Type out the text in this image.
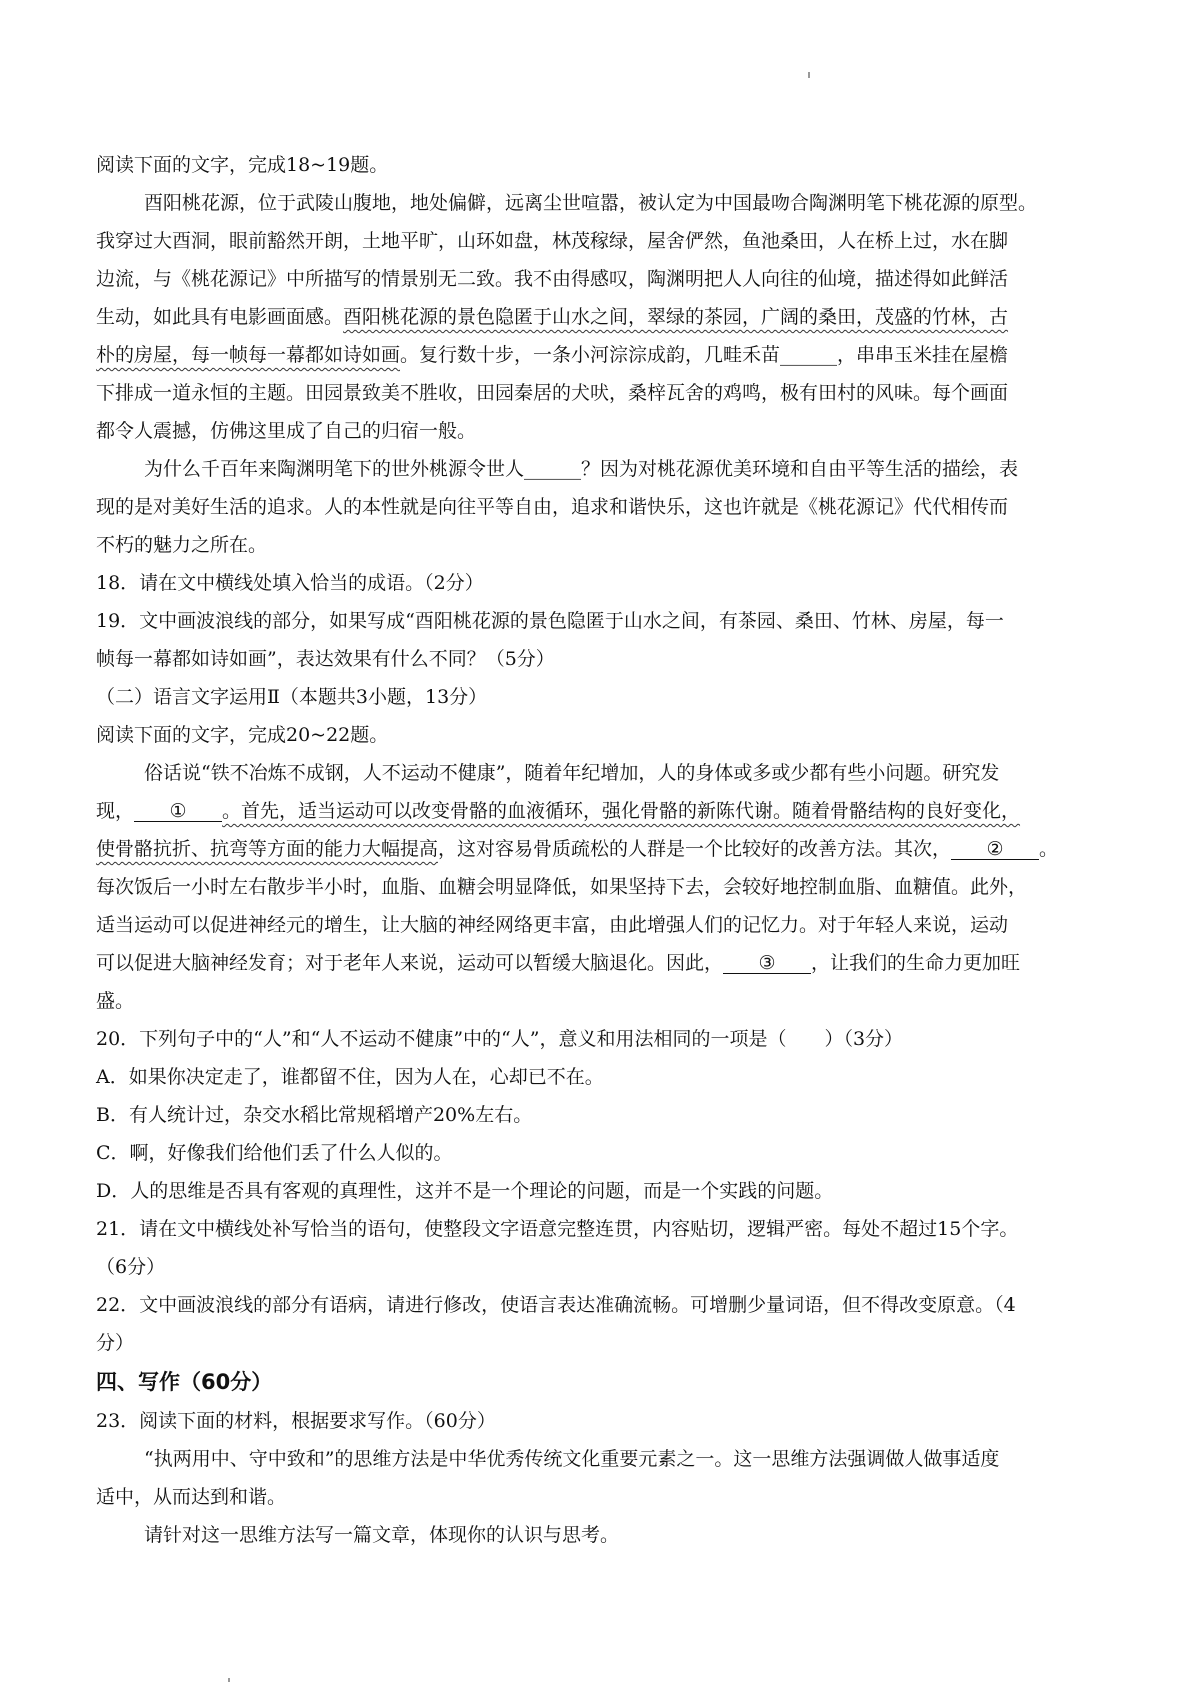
阅读下面的文字，完成18~19题。
酉阳桃花源，位于武陵山腹地，地处偏僻，远离尘世喧嚣，被认定为中国最吻合陶渊明笔下桃花源的原型。
我穿过大酉洞，眼前豁然开朗，土地平旷，山环如盘，林茂稼绿，屋舍俨然，鱼池桑田，人在桥上过，水在脚
边流，与《桃花源记》中所描写的情景别无二致。我不由得感叹，陶渊明把人人向往的仙境，描述得如此鲜活
生动，如此具有电影画面感。酉阳桃花源的景色隐匿于山水之间，翠绿的茶园，广阔的桑田，茂盛的竹林，古
朴的房屋，每一帧每一幕都如诗如画。复行数十步，一条小河淙淙成韵，几畦禾苗______，串串玉米挂在屋檐
下排成一道永恒的主题。田园景致美不胜收，田园秦居的犬吠，桑梓瓦舍的鸡鸣，极有田村的风味。每个画面
都令人震撼，仿佛这里成了自己的归宿一般。
为什么千百年来陶渊明笔下的世外桃源令世人______？因为对桃花源优美环境和自由平等生活的描绘，表
现的是对美好生活的追求。人的本性就是向往平等自由，追求和谐快乐，这也许就是《桃花源记》代代相传而
不朽的魅力之所在。
18．请在文中横线处填入恰当的成语。（2分）
19．文中画波浪线的部分，如果写成“酉阳桃花源的景色隐匿于山水之间，有茶园、桑田、竹林、房屋，每一
帧每一幕都如诗如画”，表达效果有什么不同？（5分）
（二）语言文字运用Ⅱ（本题共3小题，13分）
阅读下面的文字，完成20~22题。
俗话说“铁不冶炼不成钢，人不运动不健康”，随着年纪增加，人的身体或多或少都有些小问题。研究发
现， ① 。首先，适当运动可以改变骨骼的血液循环，强化骨骼的新陈代谢。随着骨骼结构的良好变化，
使骨骼抗折、抗弯等方面的能力大幅提高，这对容易骨质疏松的人群是一个比较好的改善方法。其次， ② 。
每次饭后一小时左右散步半小时，血脂、血糖会明显降低，如果坚持下去，会较好地控制血脂、血糖值。此外，
适当运动可以促进神经元的增生，让大脑的神经网络更丰富，由此增强人们的记忆力。对于年轻人来说，运动
可以促进大脑神经发育；对于老年人来说，运动可以暂缓大脑退化。因此， ③ ，让我们的生命力更加旺
盛。
20．下列句子中的“人”和“人不运动不健康”中的“人”，意义和用法相同的一项是（　　）（3分）
A．如果你决定走了，谁都留不住，因为人在，心却已不在。
B．有人统计过，杂交水稻比常规稻增产20%左右。
C．啊，好像我们给他们丢了什么人似的。
D．人的思维是否具有客观的真理性，这并不是一个理论的问题，而是一个实践的问题。
21．请在文中横线处补写恰当的语句，使整段文字语意完整连贯，内容贴切，逻辑严密。每处不超过15个字。
（6分）
22．文中画波浪线的部分有语病，请进行修改，使语言表达准确流畅。可增删少量词语，但不得改变原意。（4
分）
四、写作（60分）
23．阅读下面的材料，根据要求写作。（60分）
“执两用中、守中致和”的思维方法是中华优秀传统文化重要元素之一。这一思维方法强调做人做事适度
适中，从而达到和谐。
请针对这一思维方法写一篇文章，体现你的认识与思考。
